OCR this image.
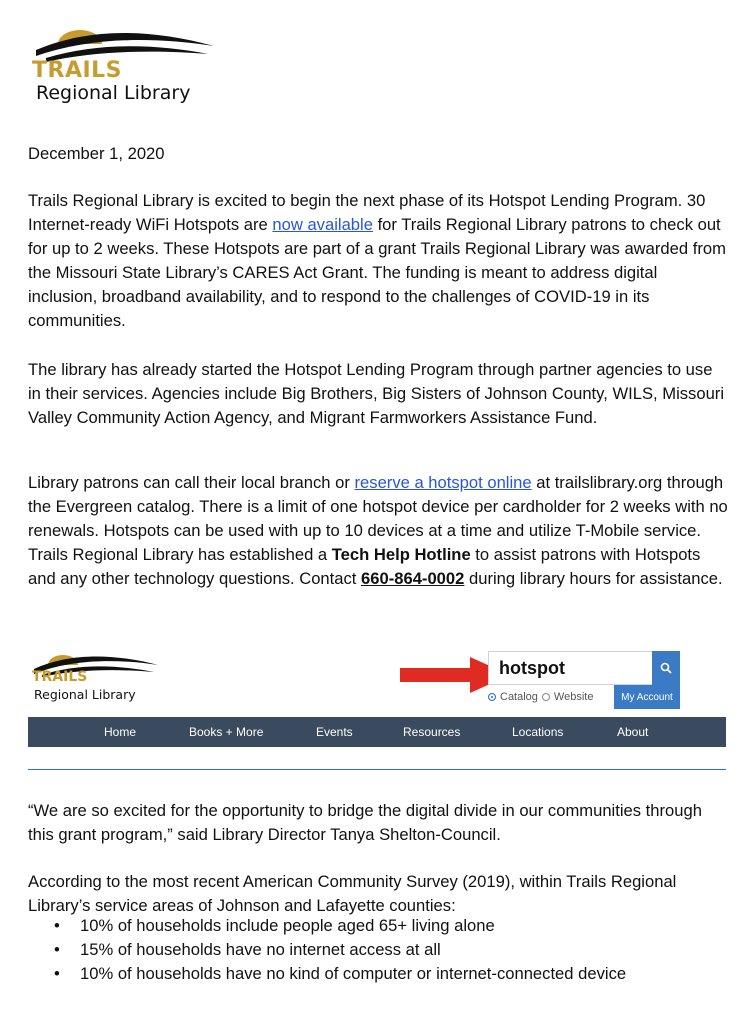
TRAILS
Regional Library

December 1, 2020

Trails Regional Library is excited to begin the next phase of its Hotspot Lending Program. 30 Internet-ready WiFi Hotspots are now available for Trails Regional Library patrons to check out for up to 2 weeks. These Hotspots are part of a grant Trails Regional Library was awarded from the Missouri State Library’s CARES Act Grant. The funding is meant to address digital inclusion, broadband availability, and to respond to the challenges of COVID-19 in its communities.

The library has already started the Hotspot Lending Program through partner agencies to use in their services. Agencies include Big Brothers, Big Sisters of Johnson County, WILS, Missouri Valley Community Action Agency, and Migrant Farmworkers Assistance Fund.

Library patrons can call their local branch or reserve a hotspot online at trailslibrary.org through the Evergreen catalog. There is a limit of one hotspot device per cardholder for 2 weeks with no renewals. Hotspots can be used with up to 10 devices at a time and utilize T-Mobile service. Trails Regional Library has established a Tech Help Hotline to assist patrons with Hotspots and any other technology questions. Contact 660-864-0002 during library hours for assistance.

TRAILS
Regional Library
hotspot
Catalog Website	My Account
Home	Books + More	Events	Resources	Locations	About

“We are so excited for the opportunity to bridge the digital divide in our communities through this grant program,” said Library Director Tanya Shelton-Council.

According to the most recent American Community Survey (2019), within Trails Regional Library’s service areas of Johnson and Lafayette counties:

• 10% of households include people aged 65+ living alone
• 15% of households have no internet access at all
• 10% of households have no kind of computer or internet-connected device
